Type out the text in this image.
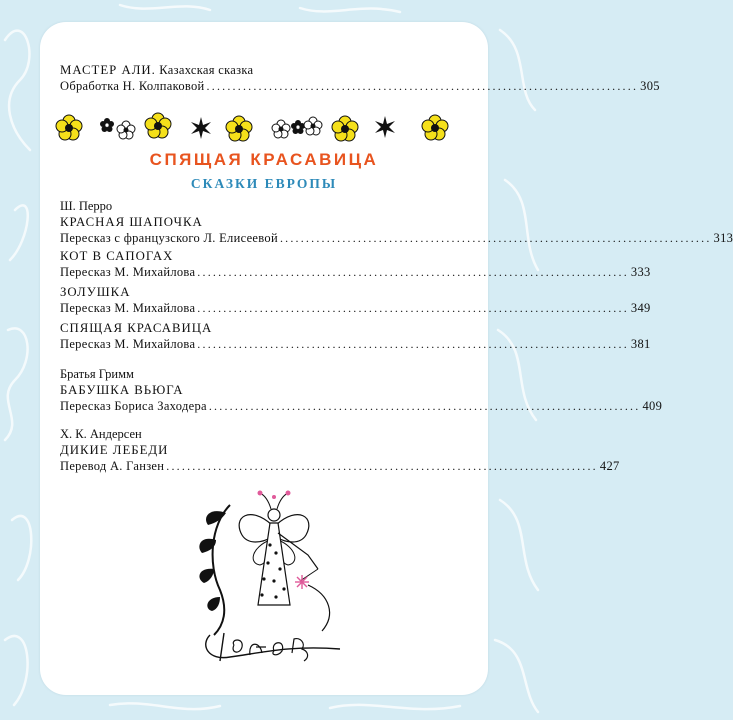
МАСТЕР АЛИ. Казахская сказка
Обработка Н. Колпаковой ................................................................................... 305
СПЯЩАЯ КРАСАВИЦА
СКАЗКИ ЕВРОПЫ
Ш. Перро
КРАСНАЯ ШАПОЧКА
Пересказ с французского Л. Елисеевой ................................................................................... 313
КОТ В САПОГАХ
Пересказ М. Михайлова ................................................................................... 333
ЗОЛУШКА
Пересказ М. Михайлова ................................................................................... 349
СПЯЩАЯ КРАСАВИЦА
Пересказ М. Михайлова ................................................................................... 381
Братья Гримм
БАБУШКА ВЬЮГА
Пересказ Бориса Заходера ................................................................................... 409
Х. К. Андерсен
ДИКИЕ ЛЕБЕДИ
Перевод А. Ганзен ................................................................................... 427
